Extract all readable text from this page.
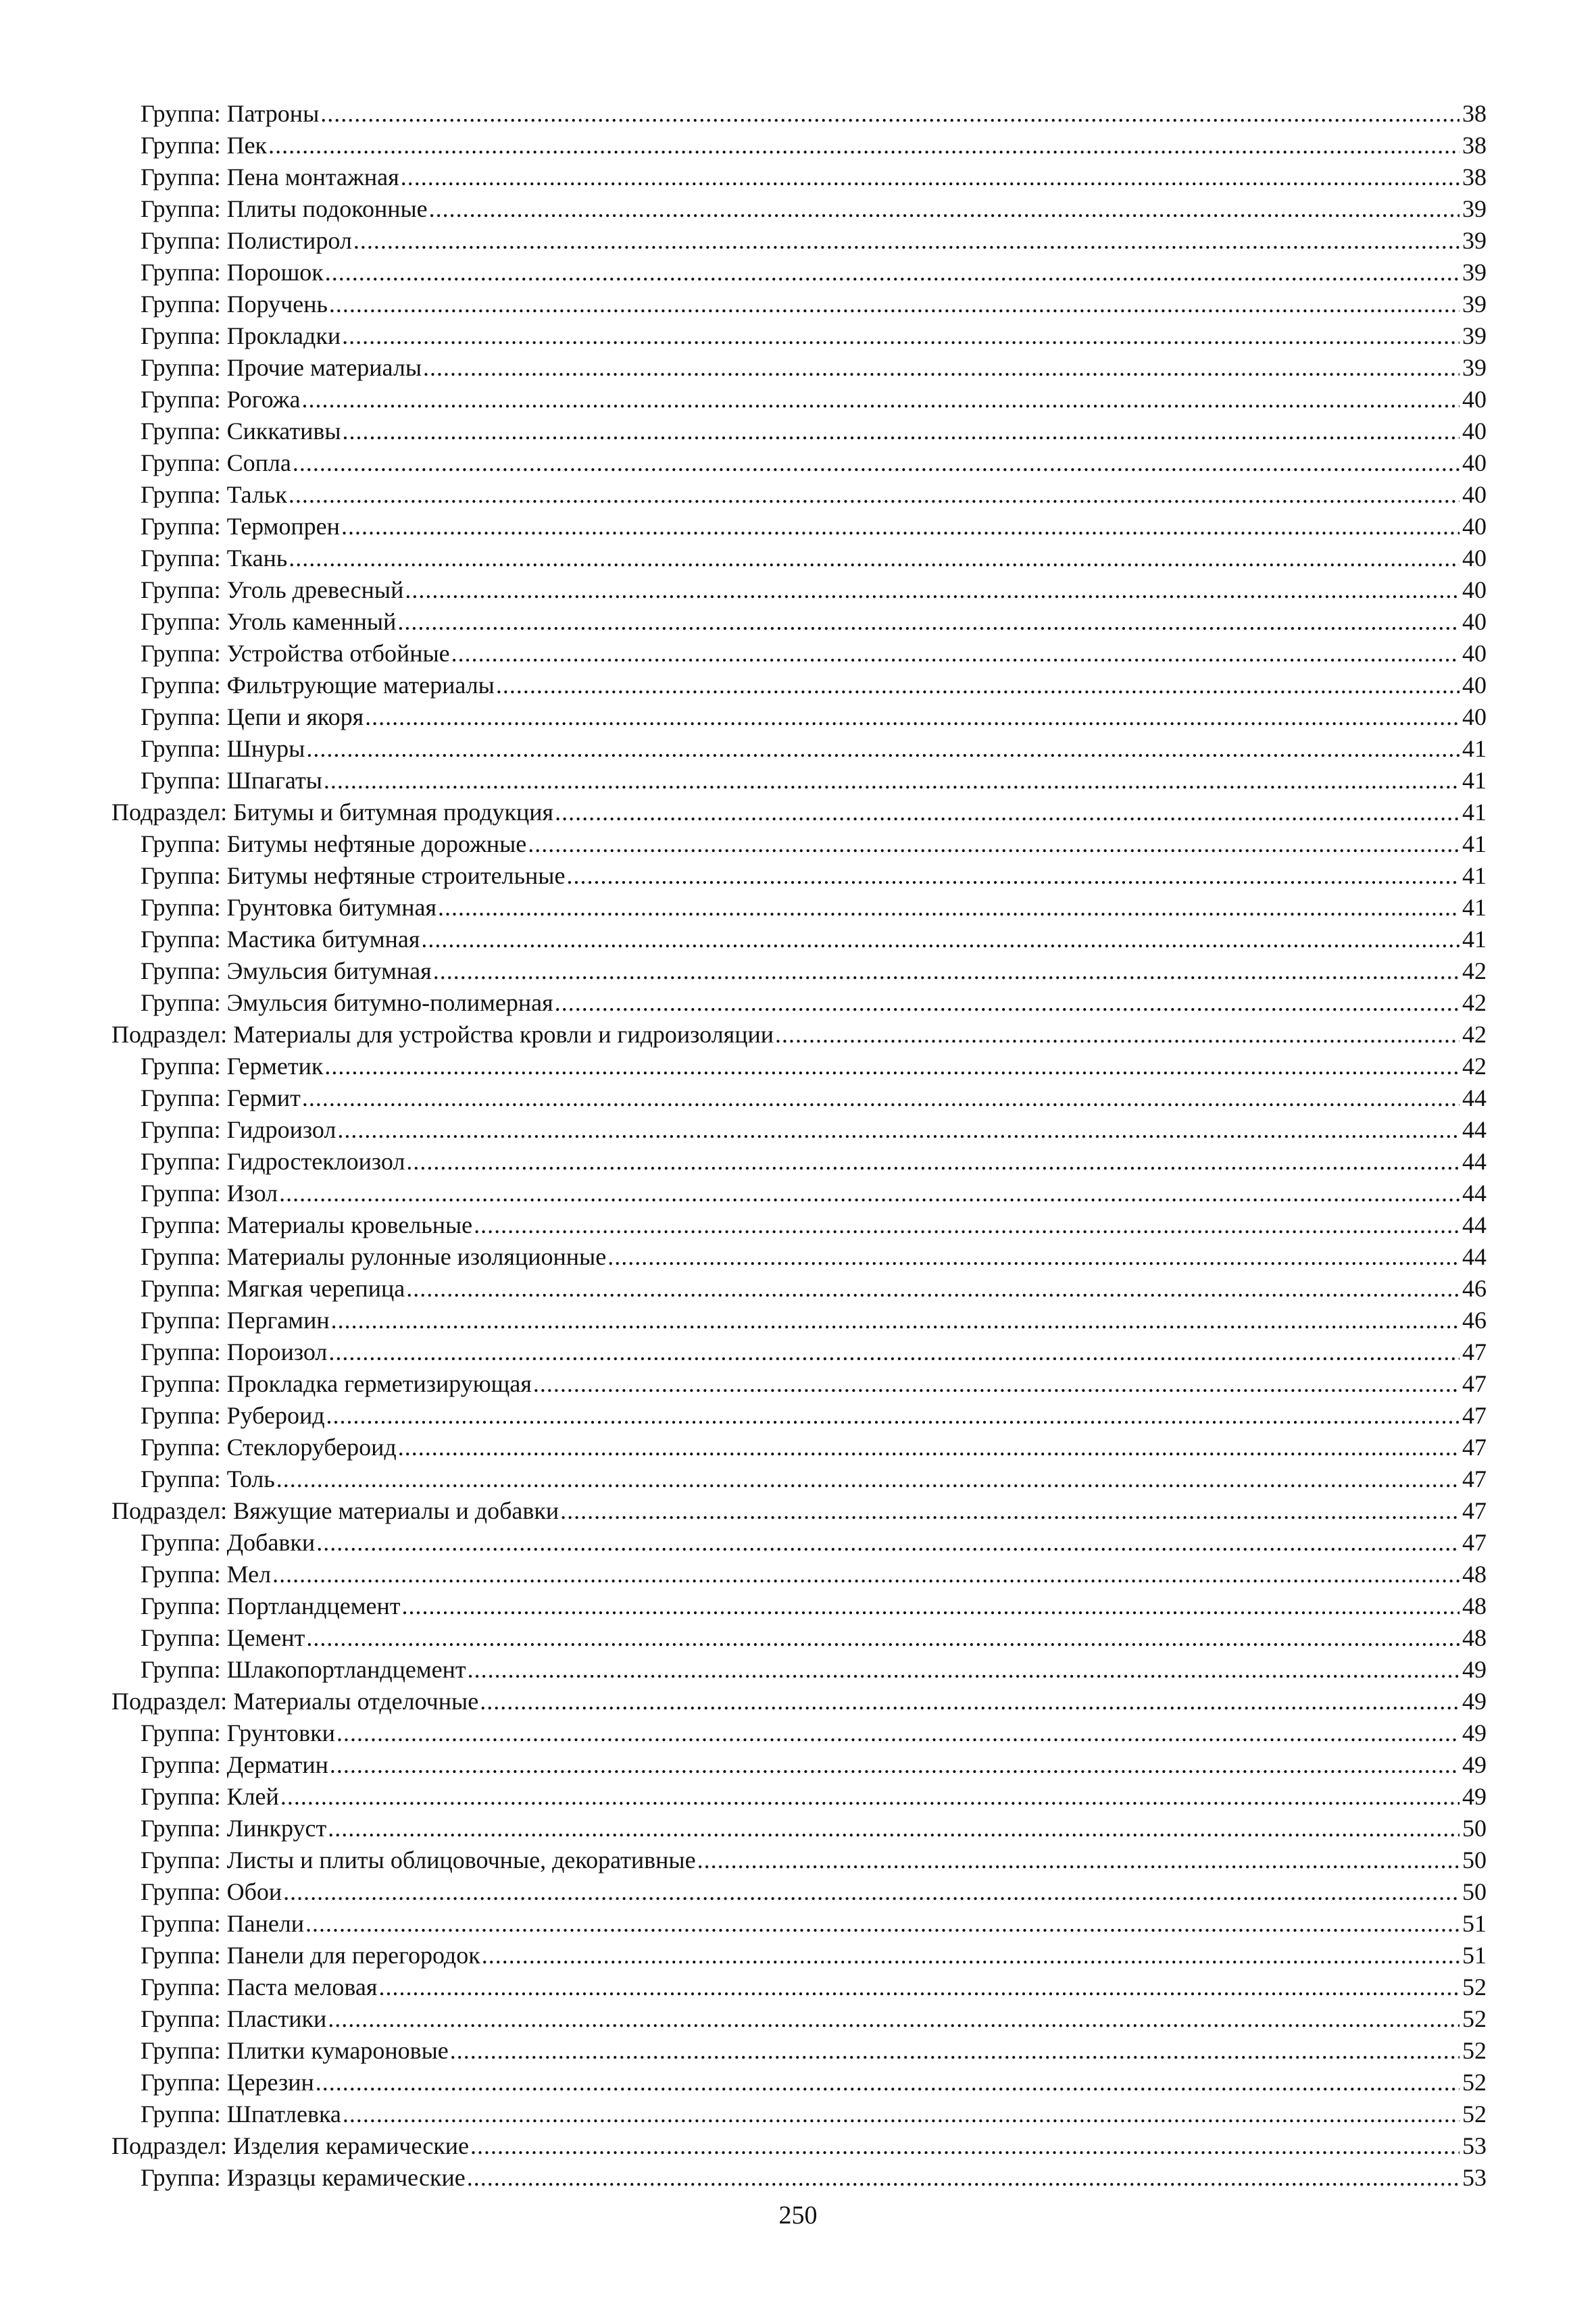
Группа: Патроны .....	38
Группа: Пек .....	38
Группа: Пена монтажная .....	38
Группа: Плиты подоконные .....	39
Группа: Полистирол .....	39
Группа: Порошок .....	39
Группа: Поручень .....	39
Группа: Прокладки .....	39
Группа: Прочие материалы .....	39
Группа: Рогожа .....	40
Группа: Сиккативы .....	40
Группа: Сопла .....	40
Группа: Тальк .....	40
Группа: Термопрен .....	40
Группа: Ткань .....	40
Группа: Уголь древесный .....	40
Группа: Уголь каменный .....	40
Группа: Устройства отбойные .....	40
Группа: Фильтрующие материалы .....	40
Группа: Цепи и якоря .....	40
Группа: Шнуры .....	41
Группа: Шпагаты .....	41
Подраздел: Битумы и битумная продукция .....	41
Группа: Битумы нефтяные дорожные .....	41
Группа: Битумы нефтяные строительные .....	41
Группа: Грунтовка битумная .....	41
Группа: Мастика битумная .....	41
Группа: Эмульсия битумная .....	42
Группа: Эмульсия битумно-полимерная .....	42
Подраздел: Материалы для устройства кровли и гидроизоляции .....	42
Группа: Герметик .....	42
Группа: Гермит .....	44
Группа: Гидроизол .....	44
Группа: Гидростеклоизол .....	44
Группа: Изол .....	44
Группа: Материалы кровельные .....	44
Группа: Материалы рулонные изоляционные .....	44
Группа: Мягкая черепица .....	46
Группа: Пергамин .....	46
Группа: Пороизол .....	47
Группа: Прокладка герметизирующая .....	47
Группа: Рубероид .....	47
Группа: Стеклорубероид .....	47
Группа: Толь .....	47
Подраздел: Вяжущие материалы и добавки .....	47
Группа: Добавки .....	47
Группа: Мел .....	48
Группа: Портландцемент .....	48
Группа: Цемент .....	48
Группа: Шлакопортландцемент .....	49
Подраздел: Материалы отделочные .....	49
Группа: Грунтовки .....	49
Группа: Дерматин .....	49
Группа: Клей .....	49
Группа: Линкруст .....	50
Группа: Листы и плиты облицовочные, декоративные .....	50
Группа: Обои .....	50
Группа: Панели .....	51
Группа: Панели для перегородок .....	51
Группа: Паста меловая .....	52
Группа: Пластики .....	52
Группа: Плитки кумароновые .....	52
Группа: Церезин .....	52
Группа: Шпатлевка .....	52
Подраздел: Изделия керамические .....	53
Группа: Изразцы керамические .....	53
250
